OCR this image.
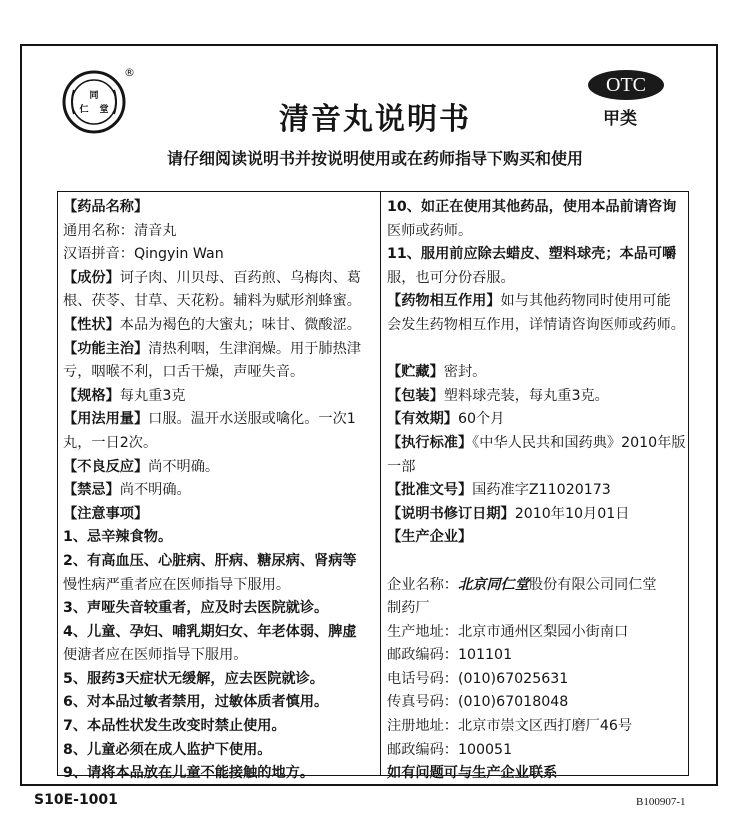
同
仁 堂
®
清音丸说明书
OTC
甲类
请仔细阅读说明书并按说明使用或在药师指导下购买和使用
【药品名称】
通用名称：清音丸
汉语拼音：Qingyin Wan
【成份】诃子肉、川贝母、百药煎、乌梅肉、葛
根、茯苓、甘草、天花粉。辅料为赋形剂蜂蜜。
【性状】本品为褐色的大蜜丸；味甘、微酸涩。
【功能主治】清热利咽，生津润燥。用于肺热津
亏，咽喉不利，口舌干燥，声哑失音。
【规格】每丸重3克
【用法用量】口服。温开水送服或噙化。一次1
丸，一日2次。
【不良反应】尚不明确。
【禁忌】尚不明确。
【注意事项】
1、忌辛辣食物。
2、有高血压、心脏病、肝病、糖尿病、肾病等
慢性病严重者应在医师指导下服用。
3、声哑失音较重者，应及时去医院就诊。
4、儿童、孕妇、哺乳期妇女、年老体弱、脾虚
便溏者应在医师指导下服用。
5、服药3天症状无缓解，应去医院就诊。
6、对本品过敏者禁用，过敏体质者慎用。
7、本品性状发生改变时禁止使用。
8、儿童必须在成人监护下使用。
9、请将本品放在儿童不能接触的地方。
10、如正在使用其他药品，使用本品前请咨询
医师或药师。
11、服用前应除去蜡皮、塑料球壳；本品可嚼
服，也可分份吞服。
【药物相互作用】如与其他药物同时使用可能
会发生药物相互作用，详情请咨询医师或药师。

【贮藏】密封。
【包装】塑料球壳装，每丸重3克。
【有效期】60个月
【执行标准】《中华人民共和国药典》2010年版
一部
【批准文号】国药准字Z11020173
【说明书修订日期】2010年10月01日
【生产企业】

企业名称：北京同仁堂股份有限公司同仁堂
制药厂
生产地址：北京市通州区梨园小街南口
邮政编码：101101
电话号码：(010)67025631
传真号码：(010)67018048
注册地址：北京市崇文区西打磨厂46号
邮政编码：100051
如有问题可与生产企业联系
S10E-1001	B100907-1
